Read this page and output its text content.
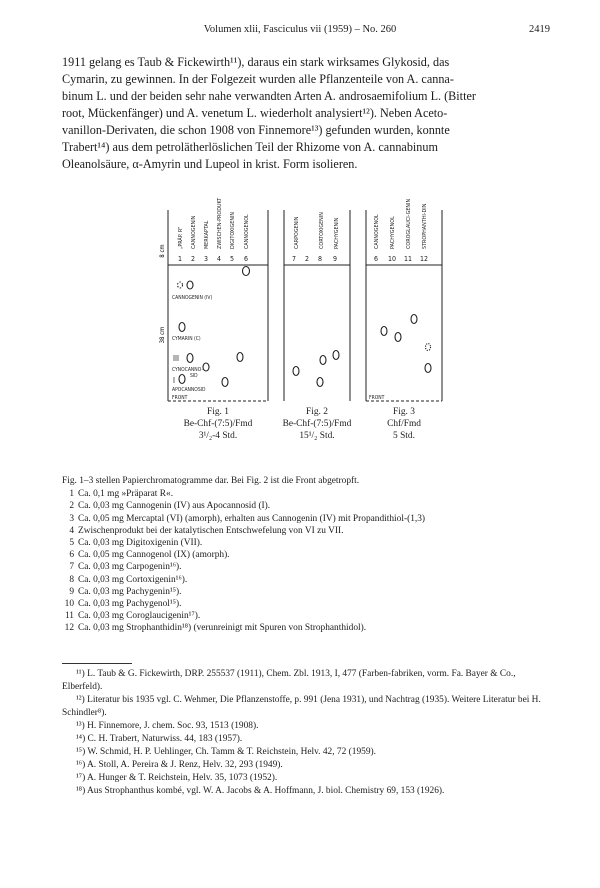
Volumen xlii, Fasciculus vii (1959) – No. 260	2419
1911 gelang es Taub & Fickewirth¹¹), daraus ein stark wirksames Glykosid, das
Cymarin, zu gewinnen. In der Folgezeit wurden alle Pflanzenteile von A. canna-
binum L. und der beiden sehr nahe verwandten Arten A. androsaemifolium L. (Bitter
root, Mückenfänger) und A. venetum L. wiederholt analysiert¹²). Neben Aceto-
vanillon-Derivaten, die schon 1908 von Finnemore¹³) gefunden wurden, konnte
Trabert¹⁴) aus dem petrolätherlöslichen Teil der Rhizome von A. cannabinum
Oleanolsäure, α-Amyrin und Lupeol in krist. Form isolieren.
8 cm
38 cm
„PRÄP. R“ CANNOGENIN MERKAPTAL ZWISCHEN-PRODUKT DIGITOXIGENIN CANNOGENOL
1 2 3 4 5 6
CARPOGENIN	CORTOXIGENIN PACHYGENIN
7 2 8 9
CANNOGENOL PACHYGENOL COROGLAUCI-GENIN STROPHANTHI-DIN
6 10 11 12
III
I
CANNOGENIN (IV)
CYMARIN (C)
CYNOCANNO-
SID
APOCANNOSID
FRONT	FRONT
Fig. 1
Be-Chf-(7:5)/Fmd
3¹/₂-4 Std.
Fig. 2
Be-Chf-(7:5)/Fmd
15¹/₂ Std.
Fig. 3
Chf/Fmd
5 Std.
Fig. 1–3 stellen Papierchromatogramme dar. Bei Fig. 2 ist die Front abgetropft.
1 Ca. 0,1 mg »Präparat R«.
2 Ca. 0,03 mg Cannogenin (IV) aus Apocannosid (I).
3 Ca. 0,05 mg Mercaptal (VI) (amorph), erhalten aus Cannogenin (IV) mit Propandithiol-(1,3)
4 Zwischenprodukt bei der katalytischen Entschwefelung von VI zu VII.
5 Ca. 0,03 mg Digitoxigenin (VII).
6 Ca. 0,05 mg Cannogenol (IX) (amorph).
7 Ca. 0,03 mg Carpogenin¹⁶).
8 Ca. 0,03 mg Cortoxigenin¹⁶).
9 Ca. 0,03 mg Pachygenin¹⁵).
10 Ca. 0,03 mg Pachygenol¹⁵).
11 Ca. 0,03 mg Coroglaucigenin¹⁷).
12 Ca. 0,03 mg Strophanthidin¹⁸) (verunreinigt mit Spuren von Strophanthidol).

¹¹) L. Taub & G. Fickewirth, DRP. 255537 (1911), Chem. Zbl. 1913, I, 477 (Farben-fabriken, vorm. Fa. Bayer & Co., Elberfeld).

¹²) Literatur bis 1935 vgl. C. Wehmer, Die Pflanzenstoffe, p. 991 (Jena 1931), und Nachtrag (1935). Weitere Literatur bei H. Schindler⁸).

¹³) H. Finnemore, J. chem. Soc. 93, 1513 (1908).

¹⁴) C. H. Trabert, Naturwiss. 44, 183 (1957).

¹⁵) W. Schmid, H. P. Uehlinger, Ch. Tamm & T. Reichstein, Helv. 42, 72 (1959).

¹⁶) A. Stoll, A. Pereira & J. Renz, Helv. 32, 293 (1949).

¹⁷) A. Hunger & T. Reichstein, Helv. 35, 1073 (1952).

¹⁸) Aus Strophanthus kombé, vgl. W. A. Jacobs & A. Hoffmann, J. biol. Chemistry 69, 153 (1926).
